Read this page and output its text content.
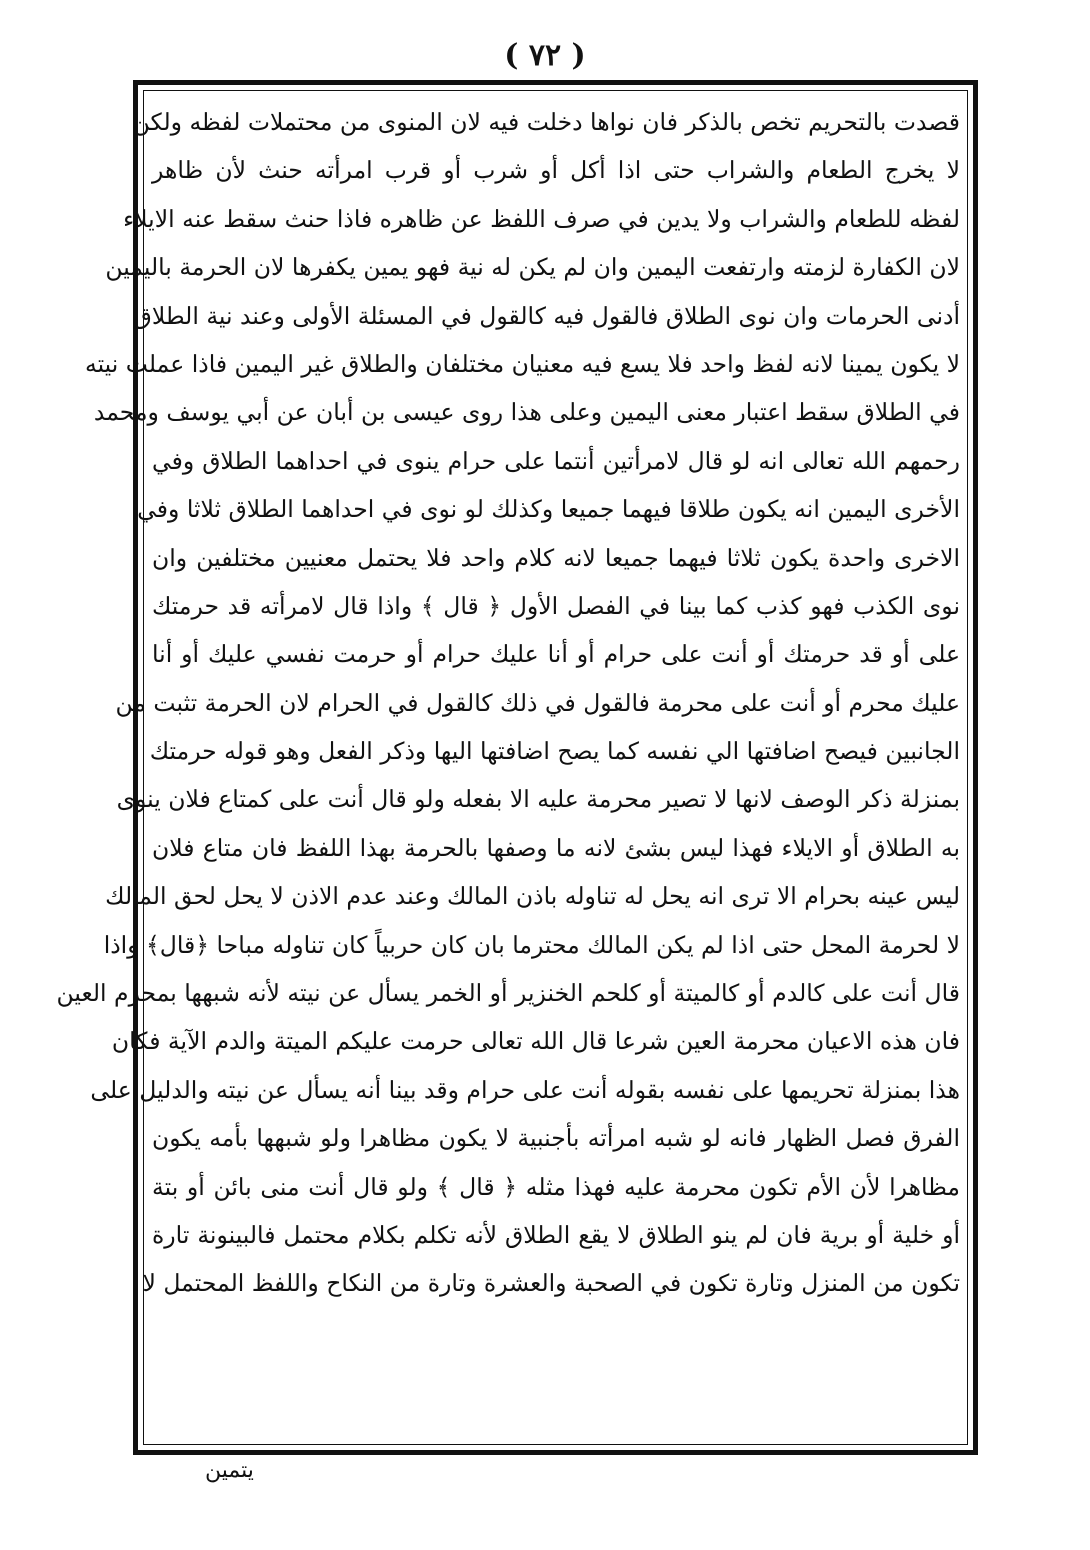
( ٧٢ )
قصدت بالتحريم تخص بالذكر فان نواها دخلت فيه لان المنوى من محتملات لفظه ولكن
لا يخرج الطعام والشراب حتى اذا أكل أو شرب أو قرب امرأته حنث لأن ظاهر
لفظه للطعام والشراب ولا يدين في صرف اللفظ عن ظاهره فاذا حنث سقط عنه الايلاء
لان الكفارة لزمته وارتفعت اليمين وان لم يكن له نية فهو يمين يكفرها لان الحرمة باليمين
أدنى الحرمات وان نوى الطلاق فالقول فيه كالقول في المسئلة الأولى وعند نية الطلاق
لا يكون يمينا لانه لفظ واحد فلا يسع فيه معنيان مختلفان والطلاق غير اليمين فاذا عملت نيته
في الطلاق سقط اعتبار معنى اليمين وعلى هذا روى عيسى بن أبان عن أبي يوسف ومحمد
رحمهم الله تعالى انه لو قال لامرأتين أنتما على حرام ينوى في احداهما الطلاق وفي
الأخرى اليمين انه يكون طلاقا فيهما جميعا وكذلك لو نوى في احداهما الطلاق ثلاثا وفي
الاخرى واحدة يكون ثلاثا فيهما جميعا لانه كلام واحد فلا يحتمل معنيين مختلفين وان
نوى الكذب فهو كذب كما بينا في الفصل الأول ﴿ قال ﴾ واذا قال لامرأته قد حرمتك
على أو قد حرمتك أو أنت على حرام أو أنا عليك حرام أو حرمت نفسي عليك أو أنا
عليك محرم أو أنت على محرمة فالقول في ذلك كالقول في الحرام لان الحرمة تثبت من
الجانبين فيصح اضافتها الي نفسه كما يصح اضافتها اليها وذكر الفعل وهو قوله حرمتك
بمنزلة ذكر الوصف لانها لا تصير محرمة عليه الا بفعله ولو قال أنت على كمتاع فلان ينوى
به الطلاق أو الايلاء فهذا ليس بشئ لانه ما وصفها بالحرمة بهذا اللفظ فان متاع فلان
ليس عينه بحرام الا ترى انه يحل له تناوله باذن المالك وعند عدم الاذن لا يحل لحق المالك
لا لحرمة المحل حتى اذا لم يكن المالك محترما بان كان حربياً كان تناوله مباحا ﴿قال﴾ واذا
قال أنت على كالدم أو كالميتة أو كلحم الخنزير أو الخمر يسأل عن نيته لأنه شبهها بمحرم العين
فان هذه الاعيان محرمة العين شرعا قال الله تعالى حرمت عليكم الميتة والدم الآية فكان
هذا بمنزلة تحريمها على نفسه بقوله أنت على حرام وقد بينا أنه يسأل عن نيته والدليل على
الفرق فصل الظهار فانه لو شبه امرأته بأجنبية لا يكون مظاهرا ولو شبهها بأمه يكون
مظاهرا لأن الأم تكون محرمة عليه فهذا مثله ﴿ قال ﴾ ولو قال أنت منى بائن أو بتة
أو خلية أو برية فان لم ينو الطلاق لا يقع الطلاق لأنه تكلم بكلام محتمل فالبينونة تارة
تكون من المنزل وتارة تكون في الصحبة والعشرة وتارة من النكاح واللفظ المحتمل لا
يتمين
